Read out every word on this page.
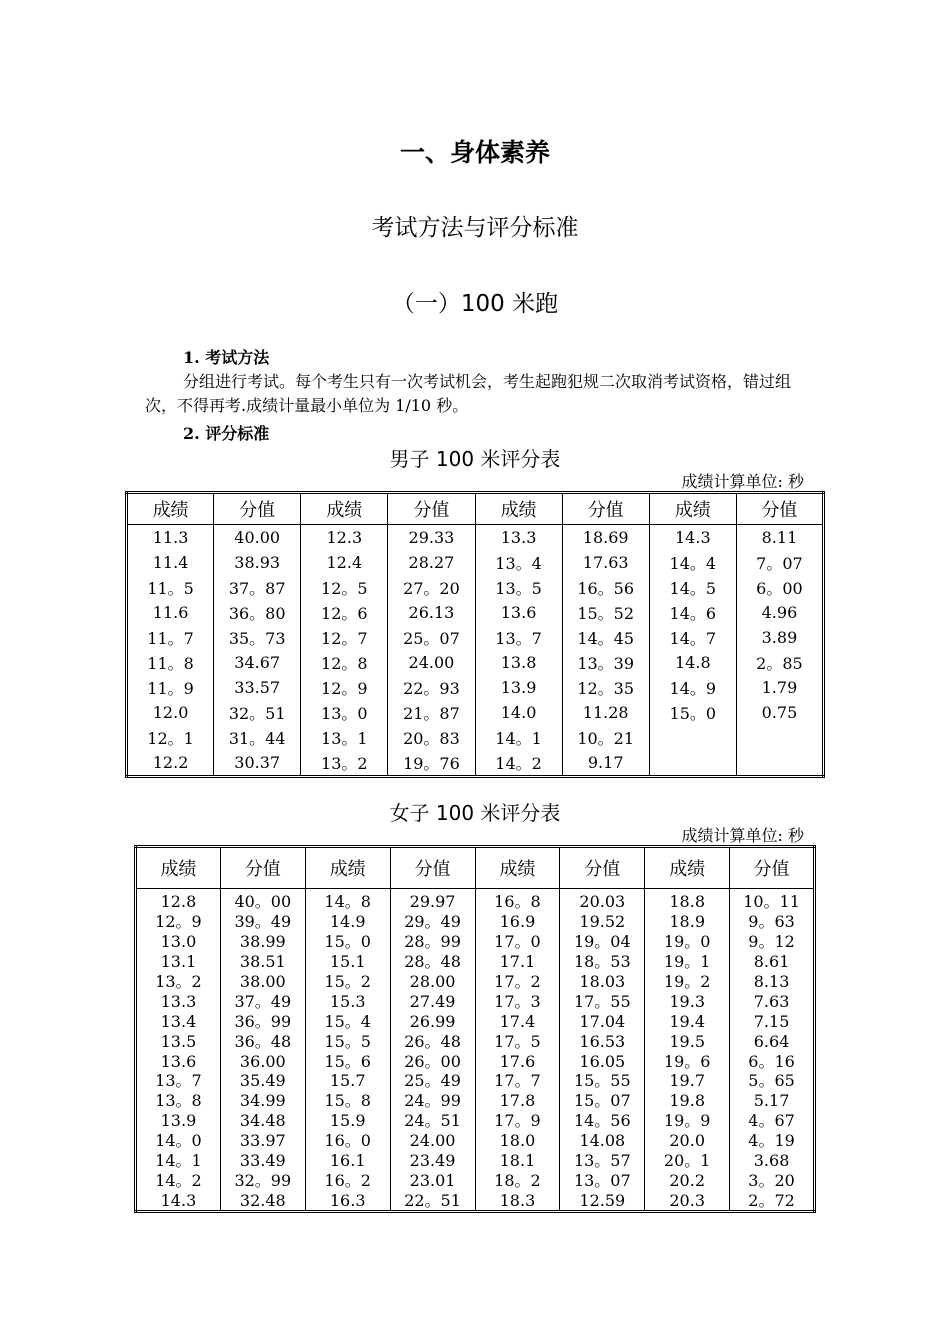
一、身体素养
考试方法与评分标准
（一）100 米跑
1. 考试方法
分组进行考试。每个考生只有一次考试机会，考生起跑犯规二次取消考试资格，错过组次，不得再考.成绩计量最小单位为 1/10 秒。
2. 评分标准
男子 100 米评分表
成绩计算单位: 秒
成绩	分值	成绩	分值	成绩	分值	成绩	分值
11.3	40.00	12.3	29.33	13.3	18.69	14.3	8.11
11.4	38.93	12.4	28.27	13。4	17.63	14。4	7。07
11。5	37。87	12。5	27。20	13。5	16。56	14。5	6。00
11.6	36。80	12。6	26.13	13.6	15。52	14。6	4.96
11。7	35。73	12。7	25。07	13。7	14。45	14。7	3.89
11。8	34.67	12。8	24.00	13.8	13。39	14.8	2。85
11。9	33.57	12。9	22。93	13.9	12。35	14。9	1.79
12.0	32。51	13。0	21。87	14.0	11.28	15。0	0.75
12。1	31。44	13。1	20。83	14。1	10。21		
12.2	30.37	13。2	19。76	14。2	9.17		
女子 100 米评分表
成绩计算单位: 秒
成绩	分值	成绩	分值	成绩	分值	成绩	分值
12.8	40。00	14。8	29.97	16。8	20.03	18.8	10。11
12。9	39。49	14.9	29。49	16.9	19.52	18.9	9。63
13.0	38.99	15。0	28。99	17。0	19。04	19。0	9。12
13.1	38.51	15.1	28。48	17.1	18。53	19。1	8.61
13。2	38.00	15。2	28.00	17。2	18.03	19。2	8.13
13.3	37。49	15.3	27.49	17。3	17。55	19.3	7.63
13.4	36。99	15。4	26.99	17.4	17.04	19.4	7.15
13.5	36。48	15。5	26。48	17。5	16.53	19.5	6.64
13.6	36.00	15。6	26。00	17.6	16.05	19。6	6。16
13。7	35.49	15.7	25。49	17。7	15。55	19.7	5。65
13。8	34.99	15。8	24。99	17.8	15。07	19.8	5.17
13.9	34.48	15.9	24。51	17。9	14。56	19。9	4。67
14。0	33.97	16。0	24.00	18.0	14.08	20.0	4。19
14。1	33.49	16.1	23.49	18.1	13。57	20。1	3.68
14。2	32。99	16。2	23.01	18。2	13。07	20.2	3。20
14.3	32.48	16.3	22。51	18.3	12.59	20.3	2。72
